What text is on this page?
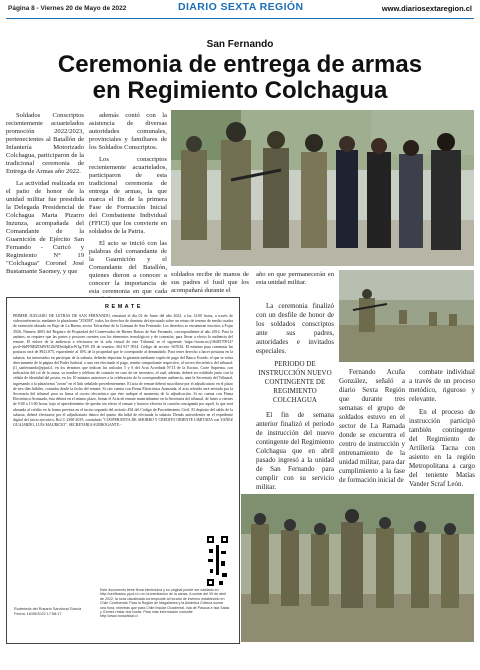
Página 8 - Viernes 20 de Mayo de 2022	DIARIO SEXTA REGIÓN	www.diariosextaregion.cl
San Fernando
Ceremonia de entrega de armas
en Regimiento Colchagua

Soldados Conscriptos recientemente acuartelados promoción 2022/2023, pertenecientes al Batallón de Infantería Motorizado Colchagua, participaron de la tradicional ceremonia de Entrega de Armas año 2022.

La actividad realizada en el patio de honor de la unidad militar fue presidida la Delegada Presidencial de Colchagua Marta Pizarro Inzunza, acompañada del Comandante de la Guarnición de Ejército San Fernando - Curicó y Regimiento N° 19 "Colchagua" Coronel José Bustamante Saomey, y que

además contó con la asistencia de diversas autoridades comunales, provinciales y familiares de los Soldados Conscriptos.

Los conscriptos recientemente acuartelados, participaron de esta tradicional ceremonia de entrega de armas, la que marca el fin de la primera Fase de Formación Inicial del Combatiente Individual (FFICI) que los convierte en soldados de la Patria.

El acto se inició con las palabras del comandante de la Guarnición y el Comandante del Batallón, quienes dieron a conocer a conocer la importancia de esta ceremonia en que cada

soldados recibe de manos de sus padres el fusil que los acompañará durante el
año en que permanecerán en esta unidad militar.

La ceremonia finalizó con un desfile de honor de los soldados conscriptos ante sus padres, autoridades e invitados especiales.

PERIODO DE INSTRUCCIÓN NUEVO CONTINGENTE DE REGIMIENTO COLCHAGUA

El fin de semana anterior finalizó el periodo de instrucción del nuevo contingente del Regimiento Colchagua que en abril pasado ingresó a la unidad de San Fernando para cumplir con su servicio militar.

Fernando Acuña González, señaló a diario Sexta Región que durante tres semanas el grupo de soldados estuvo en el sector de La Ramada donde se encuentra el centro de instrucción y entrenamiento de la unidad militar, para dar cumplimiento a la fase de formación inicial de

combate individual a través de un proceso metódico, riguroso y relevante.

En el proceso de instrucción participó también contingente del Regimiento de Artillería Tacna con asiento en la región Metropolitana a cargo del teniente Matías Vander Scraf León.

R E M A T E
PRIMER JUZGADO DE LETRAS DE SAN FERNANDO, rematará el día 02 de Junio del año 2022, a las 12:00 horas, a través de videoconferencia, mediante la plataforma "ZOOM", todos los derechos de dominio del ejecutado sobre un retazo de terreno de medio cuadra de extensión ubicado en Bajo de La Buena, sector Talcarehue de la Comuna de San Fernando. Los derechos se encuentran inscritos a Fojas 3926, Número 4003 del Registro de Propiedad del Conservador de Bienes Raíces de San Fernando, correspondiente al año 2014. Para la antistes, se requiere que las partes y postores cuenten con los elementos tecnológicos y de conexión, para llevar a efecto la audiencia del remate. El enlace de la audiencia a efectuarse en la sala virtual de este Tribunal, es el siguiente: https://zoom.us/j/3648170914?pwd=SkFFRHZDdWE1ZkNDeitIpKtvW1g/T09. ID de reunión: 364 817 0914. Código de acceso: 667634. El mínimo para comenzar las posturas será de $921.875, equivalente al 10% de la propiedad que le corresponde al demandado. Para tener derecho a hacer posturas en la subasta, los interesados en participar de la subasta, deberán depositar la garantía mediante cupón de pago del Banco Estado, el que se retira directamente de la página del Poder Judicial, o una vez efectuado el pago, remitir comprobante respectivo, al correo electrónico del tribunal: jl1_sanfernando@pjud.cl, en los términos que indican los artículos 5 y 6 del Acta Acordada N°13 de la Excma. Corte Suprema, con indicación del rol de la causa, su nombre y teléfono de contacto en caso de ser necesario, el cual, además, deberá ser exhibido junto con la cédula de identidad del postor, en los 10 minutos anteriores a la celebración de la correspondiente audiencia, ante la Secretaría del Tribunal, ingresando a la plataforma "zoom" en el link señalado precedentemente. El acta de remate deberá suscribirse por el adjudicatario en el plazo de tres días hábiles, contados desde la fecha del remate. Si cito cuenta con Firma Electrónica Avanzada, el acta referida será enviada por la Secretaría del tribunal para su firma al correo electrónico que éste indique el momento de la adjudicación. Si no cuenta con Firma Electrónica Avanzada, ésta deberá en el mismo plazo, firmar el Acta de remate materialmente en la Secretaría del tribunal, de lunes a viernes de 9:00 a 13:00 horas, bajo el apercibimiento de quedar sin efecto el remate y hacerse efectiva la caución consignada por aquél, la que será abonada al crédito en la forma prevista en el inciso segundo del artículo 494 del Código de Procedimiento Civil. El depósito del saldo de la subasta, deberá efectuarse por el adjudicatario dentro del quinto día hábil de efectuada la subasta. Demás antecedentes en el expediente digital del juicio ejecutivo, Rol C-2390-2019, caratulado "COOPERATIVA DE AHORRO Y CREDITO ORIENTE LIMITADA con YAÑEZ GUAJARDO, LUIS MAURICIO". SECRETARIA SUBROGANTE.-
Este documento tiene firma electrónica y su original puede ser validado en http://verificadoc.pjud.cl o en la tramitación de la causa. A contar del 09 de abril de 2022, la hora visualizada corresponde al horario de invierno establecido en Chile Continental. Para la Región de Magallanes y la Antártica Chilena sumar una hora, mientras que para Chile Insular Occidental, Isla de Pascua e Isla Salas y Gómez restar dos horas. Para más información consulte http://www.horaoficial.cl
Ruderinda del Rosario Sandoval García
Fecha: 16/05/2022 17:58:17
